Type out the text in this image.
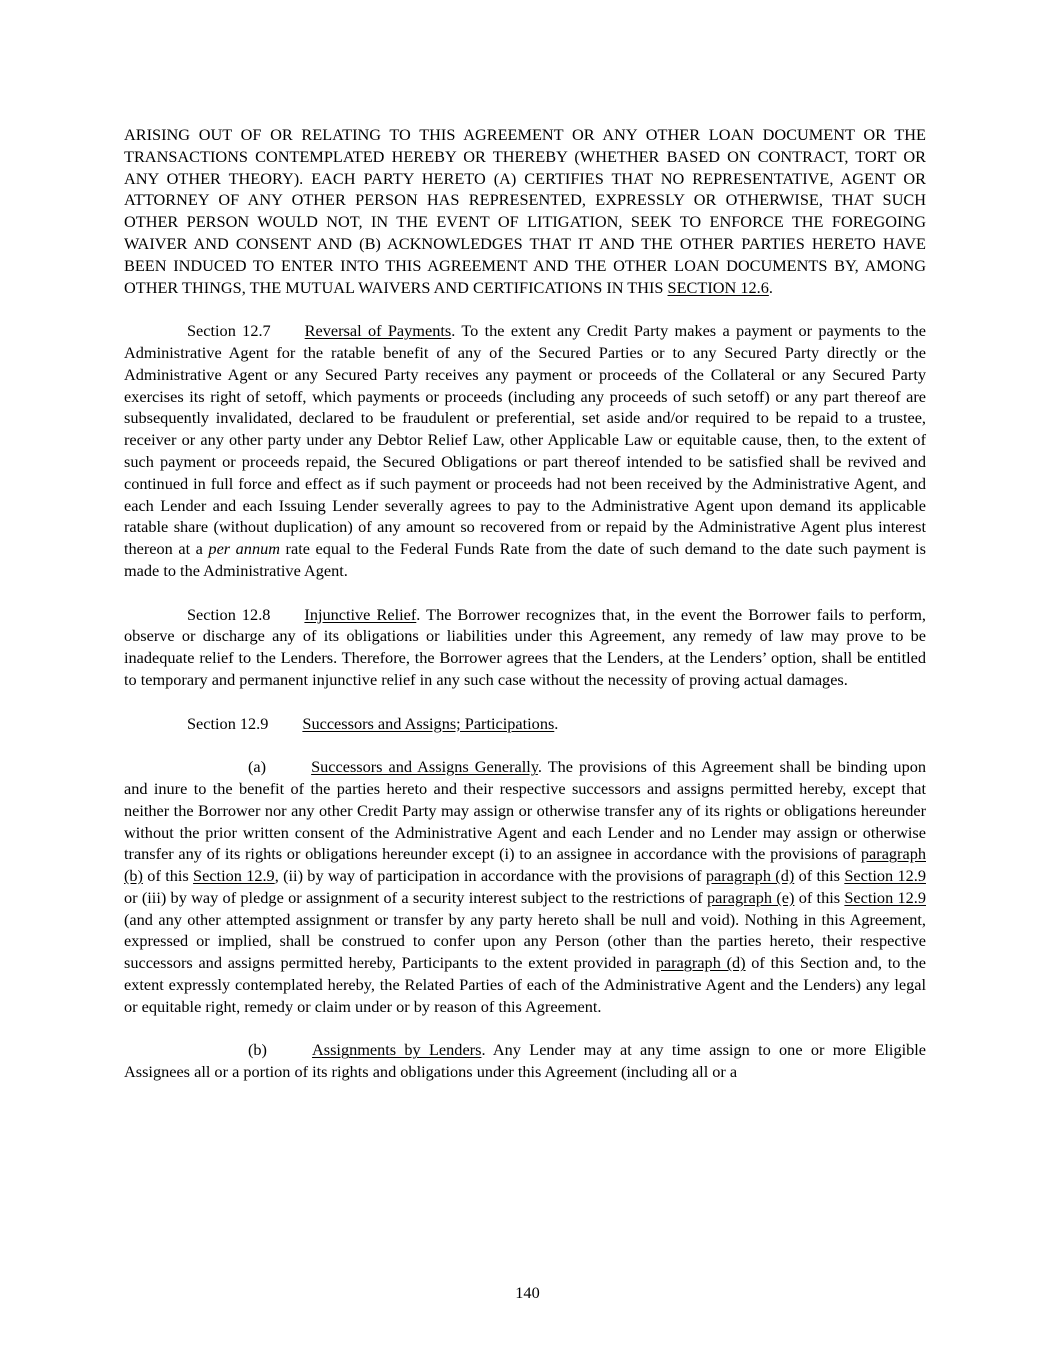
ARISING OUT OF OR RELATING TO THIS AGREEMENT OR ANY OTHER LOAN DOCUMENT OR THE TRANSACTIONS CONTEMPLATED HEREBY OR THEREBY (WHETHER BASED ON CONTRACT, TORT OR ANY OTHER THEORY). EACH PARTY HERETO (A) CERTIFIES THAT NO REPRESENTATIVE, AGENT OR ATTORNEY OF ANY OTHER PERSON HAS REPRESENTED, EXPRESSLY OR OTHERWISE, THAT SUCH OTHER PERSON WOULD NOT, IN THE EVENT OF LITIGATION, SEEK TO ENFORCE THE FOREGOING WAIVER AND CONSENT AND (B) ACKNOWLEDGES THAT IT AND THE OTHER PARTIES HERETO HAVE BEEN INDUCED TO ENTER INTO THIS AGREEMENT AND THE OTHER LOAN DOCUMENTS BY, AMONG OTHER THINGS, THE MUTUAL WAIVERS AND CERTIFICATIONS IN THIS SECTION 12.6.

Section 12.7 Reversal of Payments. To the extent any Credit Party makes a payment or payments to the Administrative Agent for the ratable benefit of any of the Secured Parties or to any Secured Party directly or the Administrative Agent or any Secured Party receives any payment or proceeds of the Collateral or any Secured Party exercises its right of setoff, which payments or proceeds (including any proceeds of such setoff) or any part thereof are subsequently invalidated, declared to be fraudulent or preferential, set aside and/or required to be repaid to a trustee, receiver or any other party under any Debtor Relief Law, other Applicable Law or equitable cause, then, to the extent of such payment or proceeds repaid, the Secured Obligations or part thereof intended to be satisfied shall be revived and continued in full force and effect as if such payment or proceeds had not been received by the Administrative Agent, and each Lender and each Issuing Lender severally agrees to pay to the Administrative Agent upon demand its applicable ratable share (without duplication) of any amount so recovered from or repaid by the Administrative Agent plus interest thereon at a per annum rate equal to the Federal Funds Rate from the date of such demand to the date such payment is made to the Administrative Agent.

Section 12.8 Injunctive Relief. The Borrower recognizes that, in the event the Borrower fails to perform, observe or discharge any of its obligations or liabilities under this Agreement, any remedy of law may prove to be inadequate relief to the Lenders. Therefore, the Borrower agrees that the Lenders, at the Lenders’ option, shall be entitled to temporary and permanent injunctive relief in any such case without the necessity of proving actual damages.

Section 12.9 Successors and Assigns; Participations.

(a)	Successors and Assigns Generally. The provisions of this Agreement shall be binding upon and inure to the benefit of the parties hereto and their respective successors and assigns permitted hereby, except that neither the Borrower nor any other Credit Party may assign or otherwise transfer any of its rights or obligations hereunder without the prior written consent of the Administrative Agent and each Lender and no Lender may assign or otherwise transfer any of its rights or obligations hereunder except (i) to an assignee in accordance with the provisions of paragraph (b) of this Section 12.9, (ii) by way of participation in accordance with the provisions of paragraph (d) of this Section 12.9 or (iii) by way of pledge or assignment of a security interest subject to the restrictions of paragraph (e) of this Section 12.9 (and any other attempted assignment or transfer by any party hereto shall be null and void). Nothing in this Agreement, expressed or implied, shall be construed to confer upon any Person (other than the parties hereto, their respective successors and assigns permitted hereby, Participants to the extent provided in paragraph (d) of this Section and, to the extent expressly contemplated hereby, the Related Parties of each of the Administrative Agent and the Lenders) any legal or equitable right, remedy or claim under or by reason of this Agreement.

(b)	Assignments by Lenders. Any Lender may at any time assign to one or more Eligible Assignees all or a portion of its rights and obligations under this Agreement (including all or a

140
